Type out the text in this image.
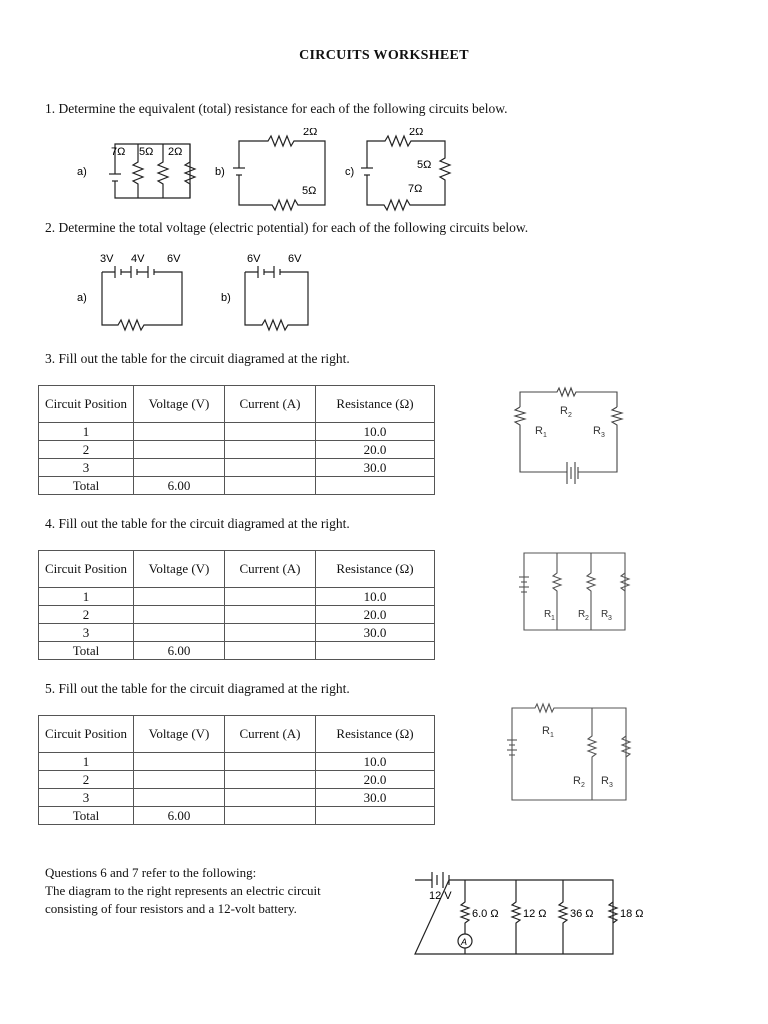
CIRCUITS WORKSHEET
1. Determine the equivalent (total) resistance for each of the following circuits below.
a)
7Ω 5Ω 2Ω
b)
2Ω
5Ω
c)
2Ω
5Ω
7Ω
2. Determine the total voltage (electric potential) for each of the following circuits below.
3V 4V 6V
a)
6V	6V
b)
3. Fill out the table for the circuit diagramed at the right.
Circuit Position	Voltage (V)	Current (A)	Resistance (Ω)
1			10.0
2			20.0
3			30.0
Total	6.00		
R 2
R 1	R 3
4. Fill out the table for the circuit diagramed at the right.
Circuit Position	Voltage (V)	Current (A)	Resistance (Ω)
1			10.0
2			20.0
3			30.0
Total	6.00		
R 1 R 2 R 3
5. Fill out the table for the circuit diagramed at the right.
Circuit Position	Voltage (V)	Current (A)	Resistance (Ω)
1			10.0
2			20.0
3			30.0
Total	6.00		
R 1
R 2 R 3
Questions 6 and 7 refer to the following:
The diagram to the right represents an electric circuit consisting of four resistors and a 12-volt battery.
12 V
6.0 Ω 12 Ω 36 Ω 18 Ω
A
